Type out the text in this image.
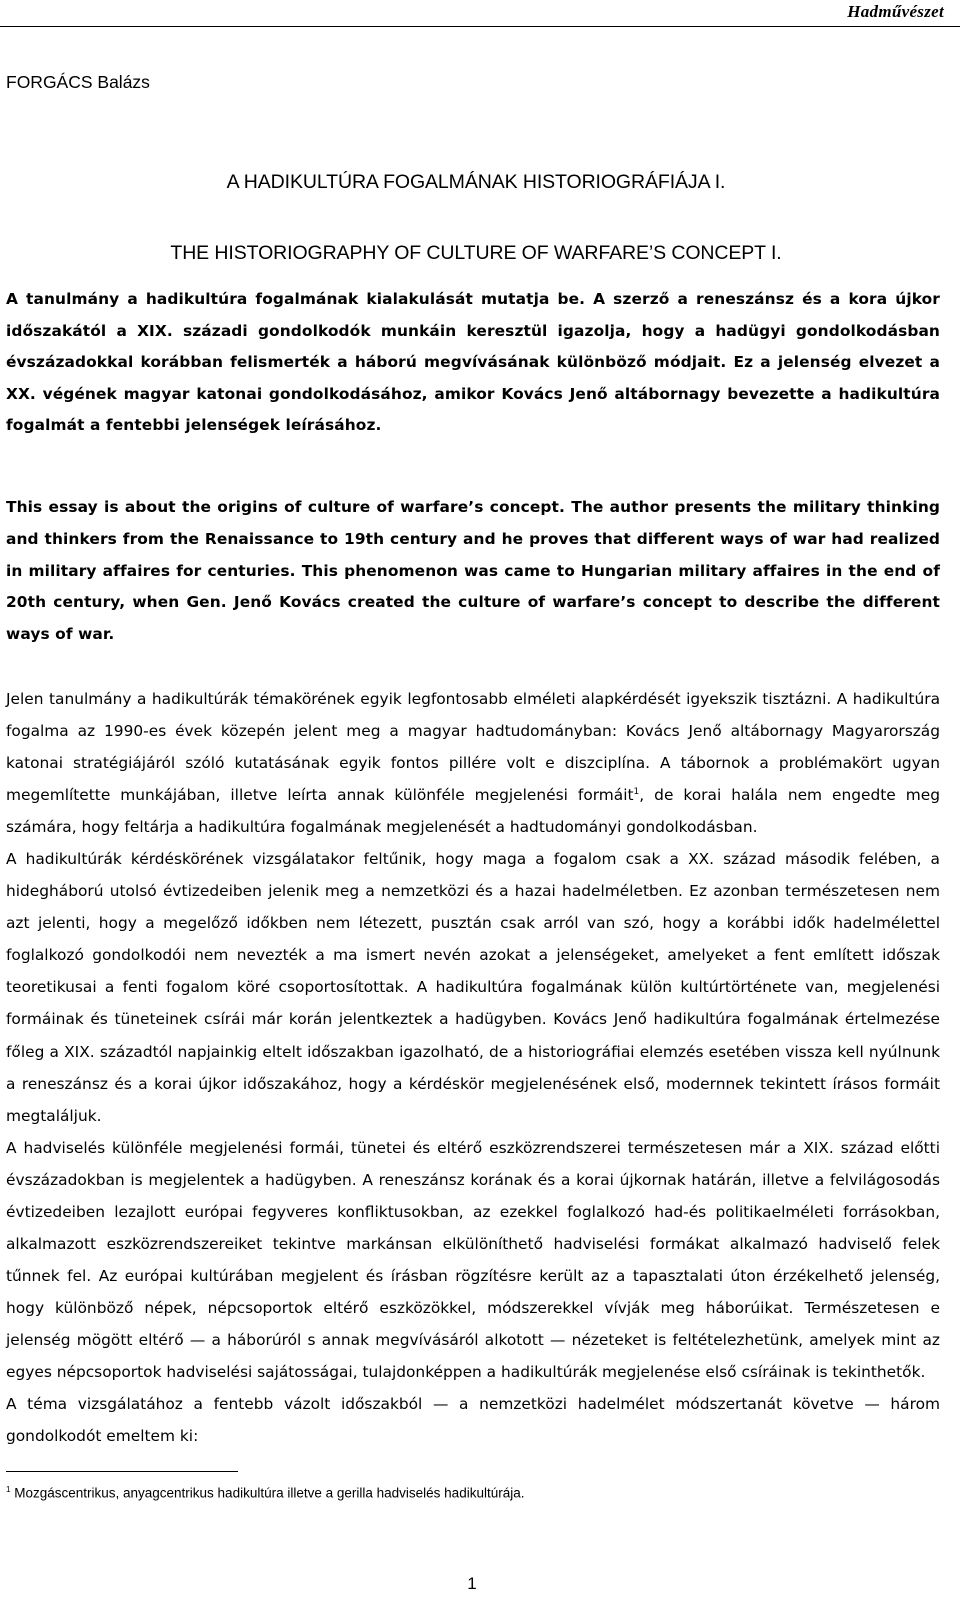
Hadművészet
FORGÁCS Balázs
A HADIKULTÚRA FOGALMÁNAK HISTORIOGRÁFIÁJA I.
THE HISTORIOGRAPHY OF CULTURE OF WARFARE’S CONCEPT I.
A tanulmány a hadikultúra fogalmának kialakulását mutatja be. A szerző a reneszánsz és a kora újkor időszakától a XIX. századi gondolkodók munkáin keresztül igazolja, hogy a hadügyi gondolkodásban évszázadokkal korábban felismerték a háború megvívásának különböző módjait. Ez a jelenség elvezet a XX. végének magyar katonai gondolkodásához, amikor Kovács Jenő altábornagy bevezette a hadikultúra fogalmát a fentebbi jelenségek leírásához.
This essay is about the origins of culture of warfare’s concept. The author presents the military thinking and thinkers from the Renaissance to 19th century and he proves that different ways of war had realized in military affaires for centuries. This phenomenon was came to Hungarian military affaires in the end of 20th century, when Gen. Jenő Kovács created the culture of warfare’s concept to describe the different ways of war.

Jelen tanulmány a hadikultúrák témakörének egyik legfontosabb elméleti alapkérdését igyekszik tisztázni. A hadikultúra fogalma az 1990-es évek közepén jelent meg a magyar hadtudományban: Kovács Jenő altábornagy Magyarország katonai stratégiájáról szóló kutatásának egyik fontos pillére volt e diszciplína. A tábornok a problémakört ugyan megemlítette munkájában, illetve leírta annak különféle megjelenési formáit$^1$, de korai halála nem engedte meg számára, hogy feltárja a hadikultúra fogalmának megjelenését a hadtudományi gondolkodásban.

A hadikultúrák kérdéskörének vizsgálatakor feltűnik, hogy maga a fogalom csak a XX. század második felében, a hidegháború utolsó évtizedeiben jelenik meg a nemzetközi és a hazai hadelméletben. Ez azonban természetesen nem azt jelenti, hogy a megelőző időkben nem létezett, pusztán csak arról van szó, hogy a korábbi idők hadelmélettel foglalkozó gondolkodói nem nevezték a ma ismert nevén azokat a jelenségeket, amelyeket a fent említett időszak teoretikusai a fenti fogalom köré csoportosítottak. A hadikultúra fogalmának külön kultúrtörténete van, megjelenési formáinak és tüneteinek csírái már korán jelentkeztek a hadügyben. Kovács Jenő hadikultúra fogalmának értelmezése főleg a XIX. századtól napjainkig eltelt időszakban igazolható, de a historiográfiai elemzés esetében vissza kell nyúlnunk a reneszánsz és a korai újkor időszakához, hogy a kérdéskör megjelenésének első, modernnek tekintett írásos formáit megtaláljuk.

A hadviselés különféle megjelenési formái, tünetei és eltérő eszközrendszerei természetesen már a XIX. század előtti évszázadokban is megjelentek a hadügyben. A reneszánsz korának és a korai újkornak határán, illetve a felvilágosodás évtizedeiben lezajlott európai fegyveres konfliktusokban, az ezekkel foglalkozó had-és politikaelméleti forrásokban, alkalmazott eszközrendszereiket tekintve markánsan elkülöníthető hadviselési formákat alkalmazó hadviselő felek tűnnek fel. Az európai kultúrában megjelent és írásban rögzítésre került az a tapasztalati úton érzékelhető jelenség, hogy különböző népek, népcsoportok eltérő eszközökkel, módszerekkel vívják meg háborúikat. Természetesen e jelenség mögött eltérő — a háborúról s annak megvívásáról alkotott — nézeteket is feltételezhetünk, amelyek mint az egyes népcsoportok hadviselési sajátosságai, tulajdonképpen a hadikultúrák megjelenése első csíráinak is tekinthetők.

A téma vizsgálatához a fentebb vázolt időszakból — a nemzetközi hadelmélet módszertanát követve — három gondolkodót emeltem ki:

$^1$ Mozgáscentrikus, anyagcentrikus hadikultúra illetve a gerilla hadviselés hadikultúrája.
1
